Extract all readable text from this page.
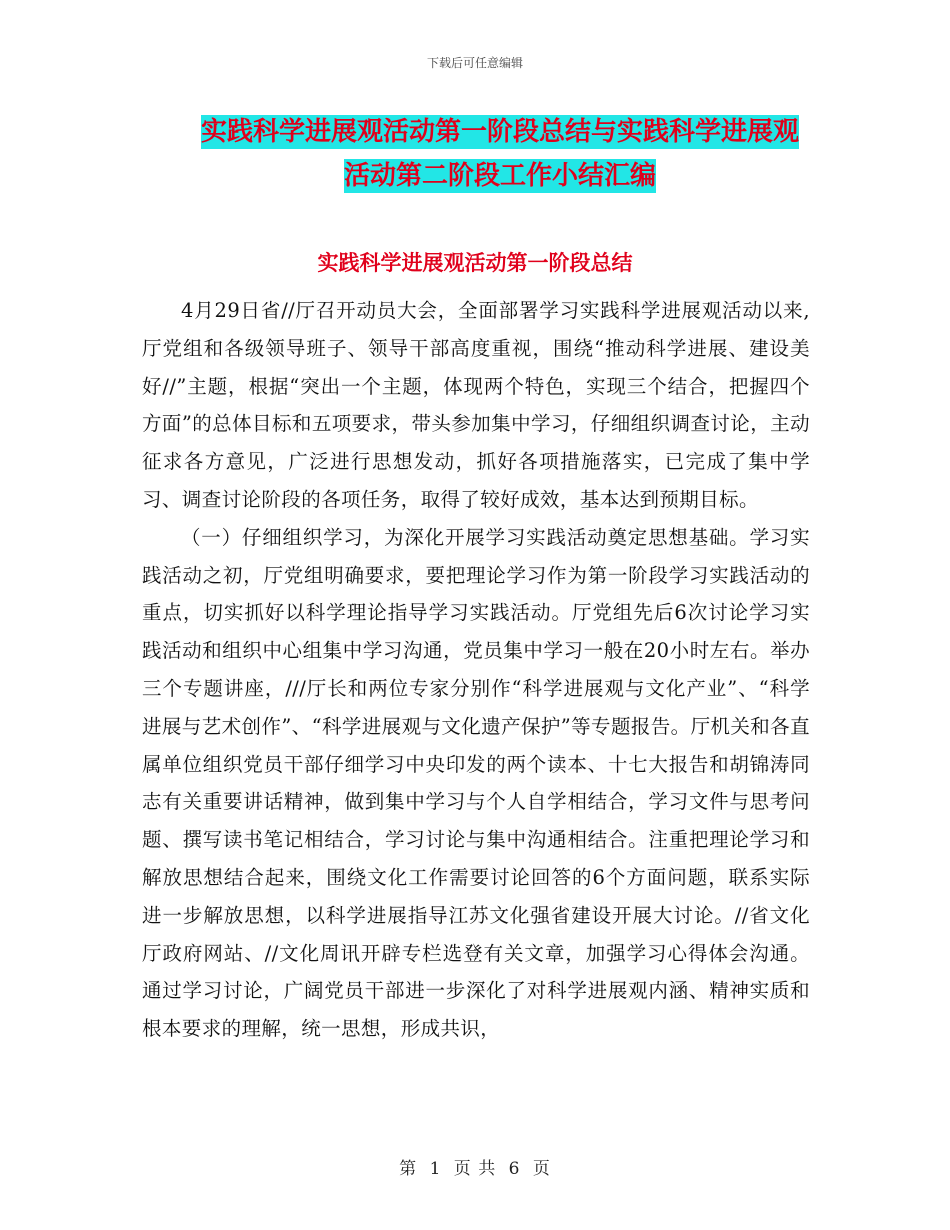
下载后可任意编辑
实践科学进展观活动第一阶段总结与实践科学进展观
活动第二阶段工作小结汇编
实践科学进展观活动第一阶段总结

4月29日省//厅召开动员大会，全面部署学习实践科学进展观活动以来,厅党组和各级领导班子、领导干部高度重视，围绕“推动科学进展、建设美好//”主题，根据“突出一个主题，体现两个特色，实现三个结合，把握四个方面”的总体目标和五项要求，带头参加集中学习，仔细组织调查讨论，主动征求各方意见，广泛进行思想发动，抓好各项措施落实，已完成了集中学习、调查讨论阶段的各项任务，取得了较好成效，基本达到预期目标。

（一）仔细组织学习，为深化开展学习实践活动奠定思想基础。学习实践活动之初，厅党组明确要求，要把理论学习作为第一阶段学习实践活动的重点，切实抓好以科学理论指导学习实践活动。厅党组先后6次讨论学习实践活动和组织中心组集中学习沟通，党员集中学习一般在20小时左右。举办三个专题讲座，///厅长和两位专家分别作“科学进展观与文化产业”、“科学进展与艺术创作”、“科学进展观与文化遗产保护”等专题报告。厅机关和各直属单位组织党员干部仔细学习中央印发的两个读本、十七大报告和胡锦涛同志有关重要讲话精神，做到集中学习与个人自学相结合，学习文件与思考问题、撰写读书笔记相结合，学习讨论与集中沟通相结合。注重把理论学习和解放思想结合起来，围绕文化工作需要讨论回答的6个方面问题，联系实际进一步解放思想，以科学进展指导江苏文化强省建设开展大讨论。//省文化厅政府网站、//文化周讯开辟专栏选登有关文章，加强学习心得体会沟通。通过学习讨论，广阔党员干部进一步深化了对科学进展观内涵、精神实质和根本要求的理解，统一思想，形成共识，

第 1 页 共 6 页
